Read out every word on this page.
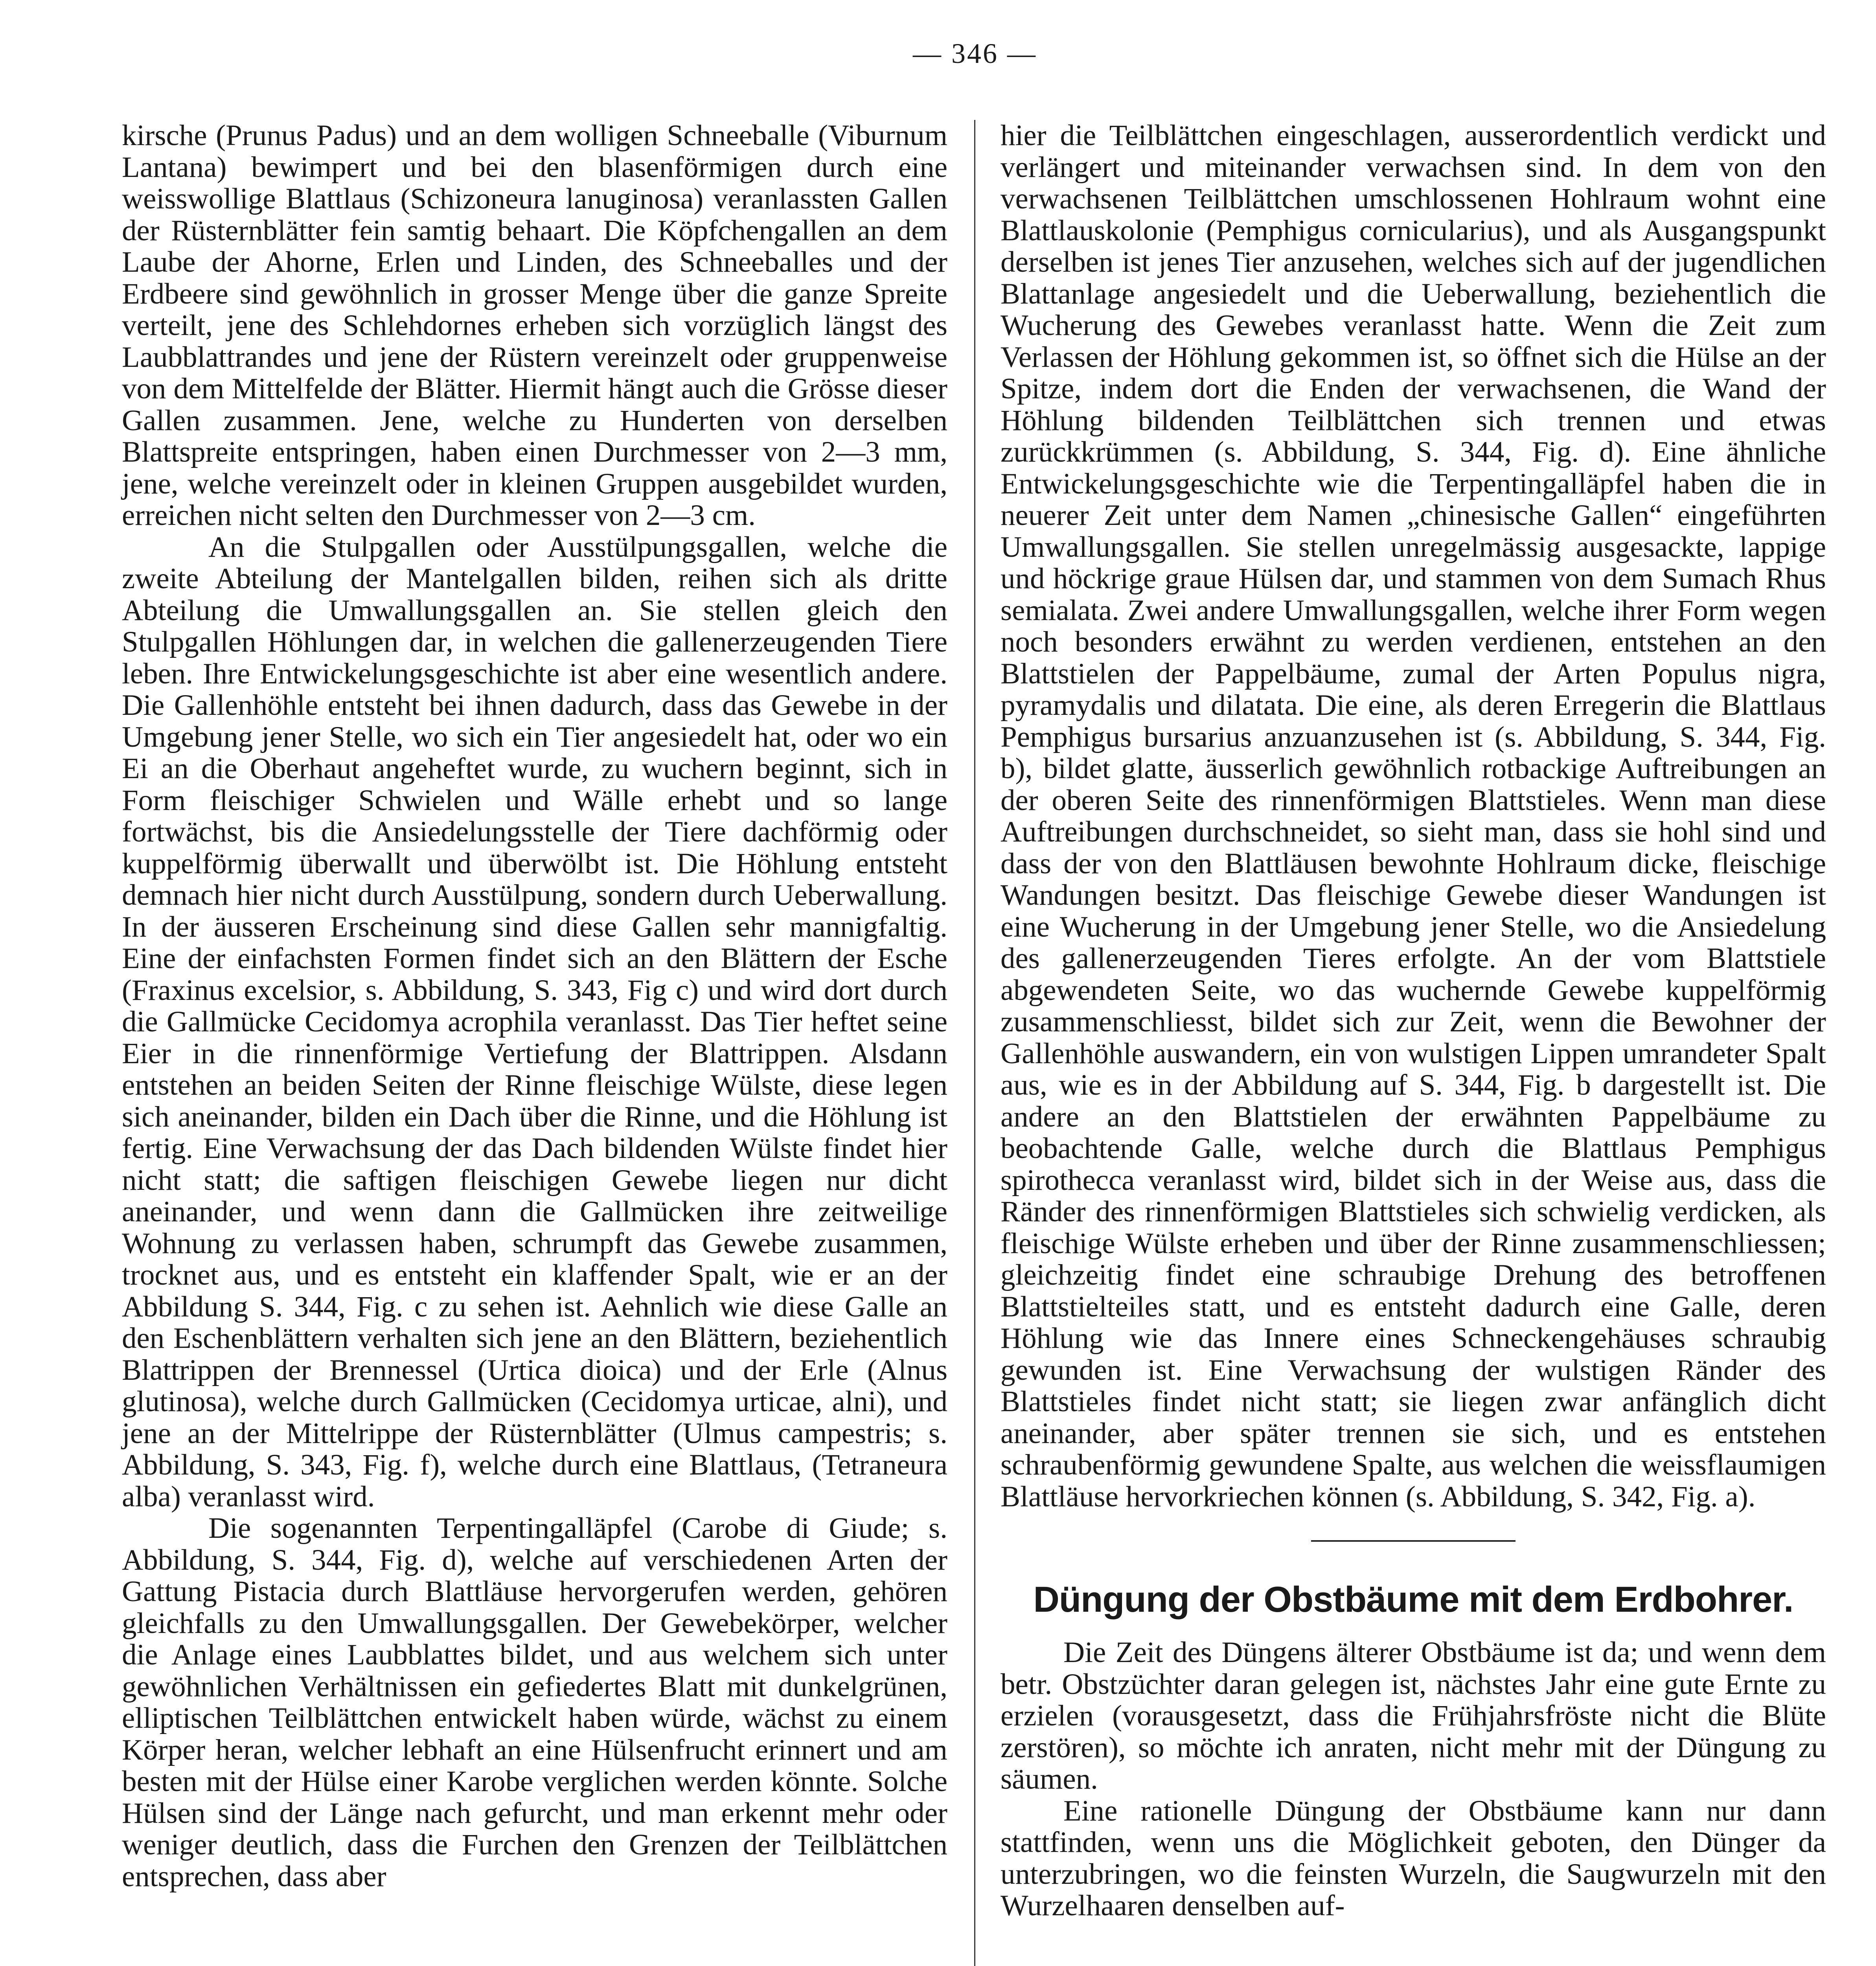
— 346 —

kirsche (Prunus Padus) und an dem wolligen Schneeballe (Viburnum Lantana) bewimpert und bei den blasenförmigen durch eine weisswollige Blattlaus (Schizoneura lanuginosa) veranlassten Gallen der Rüsternblätter fein samtig behaart. Die Köpfchengallen an dem Laube der Ahorne, Erlen und Linden, des Schneeballes und der Erdbeere sind gewöhnlich in grosser Menge über die ganze Spreite verteilt, jene des Schlehdornes erheben sich vorzüglich längst des Laubblattrandes und jene der Rüstern vereinzelt oder gruppenweise von dem Mittelfelde der Blätter. Hiermit hängt auch die Grösse dieser Gallen zusammen. Jene, welche zu Hunderten von derselben Blattspreite entspringen, haben einen Durchmesser von 2—3 mm, jene, welche vereinzelt oder in kleinen Gruppen ausgebildet wurden, erreichen nicht selten den Durchmesser von 2—3 cm.

An die Stulpgallen oder Ausstülpungsgallen, welche die zweite Abteilung der Mantelgallen bilden, reihen sich als dritte Abteilung die Umwallungsgallen an. Sie stellen gleich den Stulpgallen Höhlungen dar, in welchen die gallenerzeugenden Tiere leben. Ihre Entwickelungsgeschichte ist aber eine wesentlich andere. Die Gallenhöhle entsteht bei ihnen dadurch, dass das Gewebe in der Umgebung jener Stelle, wo sich ein Tier angesiedelt hat, oder wo ein Ei an die Oberhaut angeheftet wurde, zu wuchern beginnt, sich in Form fleischiger Schwielen und Wälle erhebt und so lange fortwächst, bis die Ansiedelungsstelle der Tiere dachförmig oder kuppelförmig überwallt und überwölbt ist. Die Höhlung entsteht demnach hier nicht durch Ausstülpung, sondern durch Ueberwallung. In der äusseren Erscheinung sind diese Gallen sehr mannigfaltig. Eine der einfachsten Formen findet sich an den Blättern der Esche (Fraxinus excelsior, s. Abbildung, S. 343, Fig c) und wird dort durch die Gallmücke Cecidomya acrophila veranlasst. Das Tier heftet seine Eier in die rinnenförmige Vertiefung der Blattrippen. Alsdann entstehen an beiden Seiten der Rinne fleischige Wülste, diese legen sich aneinander, bilden ein Dach über die Rinne, und die Höhlung ist fertig. Eine Verwachsung der das Dach bildenden Wülste findet hier nicht statt; die saftigen fleischigen Gewebe liegen nur dicht aneinander, und wenn dann die Gallmücken ihre zeitweilige Wohnung zu verlassen haben, schrumpft das Gewebe zusammen, trocknet aus, und es entsteht ein klaffender Spalt, wie er an der Abbildung S. 344, Fig. c zu sehen ist. Aehnlich wie diese Galle an den Eschenblättern verhalten sich jene an den Blättern, beziehentlich Blattrippen der Brennessel (Urtica dioica) und der Erle (Alnus glutinosa), welche durch Gallmücken (Cecidomya urticae, alni), und jene an der Mittelrippe der Rüsternblätter (Ulmus campestris; s. Abbildung, S. 343, Fig. f), welche durch eine Blattlaus, (Tetraneura alba) veranlasst wird.

Die sogenannten Terpentingalläpfel (Carobe di Giude; s. Abbildung, S. 344, Fig. d), welche auf verschiedenen Arten der Gattung Pistacia durch Blattläuse hervorgerufen werden, gehören gleichfalls zu den Umwallungsgallen. Der Gewebekörper, welcher die Anlage eines Laubblattes bildet, und aus welchem sich unter gewöhnlichen Verhältnissen ein gefiedertes Blatt mit dunkelgrünen, elliptischen Teilblättchen entwickelt haben würde, wächst zu einem Körper heran, welcher lebhaft an eine Hülsenfrucht erinnert und am besten mit der Hülse einer Karobe verglichen werden könnte. Solche Hülsen sind der Länge nach gefurcht, und man erkennt mehr oder weniger deutlich, dass die Furchen den Grenzen der Teilblättchen entsprechen, dass aber

hier die Teilblättchen eingeschlagen, ausserordentlich verdickt und verlängert und miteinander verwachsen sind. In dem von den verwachsenen Teilblättchen umschlossenen Hohlraum wohnt eine Blattlauskolonie (Pemphigus cornicularius), und als Ausgangspunkt derselben ist jenes Tier anzusehen, welches sich auf der jugendlichen Blattanlage angesiedelt und die Ueberwallung, beziehentlich die Wucherung des Gewebes veranlasst hatte. Wenn die Zeit zum Verlassen der Höhlung gekommen ist, so öffnet sich die Hülse an der Spitze, indem dort die Enden der verwachsenen, die Wand der Höhlung bildenden Teilblättchen sich trennen und etwas zurückkrümmen (s. Abbildung, S. 344, Fig. d). Eine ähnliche Entwickelungsgeschichte wie die Terpentingalläpfel haben die in neuerer Zeit unter dem Namen „chinesische Gallen“ eingeführten Umwallungsgallen. Sie stellen unregelmässig ausgesackte, lappige und höckrige graue Hülsen dar, und stammen von dem Sumach Rhus semialata. Zwei andere Umwallungsgallen, welche ihrer Form wegen noch besonders erwähnt zu werden verdienen, entstehen an den Blattstielen der Pappelbäume, zumal der Arten Populus nigra, pyramydalis und dilatata. Die eine, als deren Erregerin die Blattlaus Pemphigus bursarius anzuanzusehen ist (s. Abbildung, S. 344, Fig. b), bildet glatte, äusserlich gewöhnlich rotbackige Auftreibungen an der oberen Seite des rinnenförmigen Blattstieles. Wenn man diese Auftreibungen durchschneidet, so sieht man, dass sie hohl sind und dass der von den Blattläusen bewohnte Hohlraum dicke, fleischige Wandungen besitzt. Das fleischige Gewebe dieser Wandungen ist eine Wucherung in der Umgebung jener Stelle, wo die Ansiedelung des gallenerzeugenden Tieres erfolgte. An der vom Blattstiele abgewendeten Seite, wo das wuchernde Gewebe kuppelförmig zusammenschliesst, bildet sich zur Zeit, wenn die Bewohner der Gallenhöhle auswandern, ein von wulstigen Lippen umrandeter Spalt aus, wie es in der Abbildung auf S. 344, Fig. b dargestellt ist. Die andere an den Blattstielen der erwähnten Pappelbäume zu beobachtende Galle, welche durch die Blattlaus Pemphigus spirothecca veranlasst wird, bildet sich in der Weise aus, dass die Ränder des rinnenförmigen Blattstieles sich schwielig verdicken, als fleischige Wülste erheben und über der Rinne zusammenschliessen; gleichzeitig findet eine schraubige Drehung des betroffenen Blattstielteiles statt, und es entsteht dadurch eine Galle, deren Höhlung wie das Innere eines Schneckengehäuses schraubig gewunden ist. Eine Verwachsung der wulstigen Ränder des Blattstieles findet nicht statt; sie liegen zwar anfänglich dicht aneinander, aber später trennen sie sich, und es entstehen schraubenförmig gewundene Spalte, aus welchen die weissflaumigen Blattläuse hervorkriechen können (s. Abbildung, S. 342, Fig. a).

Düngung der Obstbäume mit dem Erdbohrer.

Die Zeit des Düngens älterer Obstbäume ist da; und wenn dem betr. Obstzüchter daran gelegen ist, nächstes Jahr eine gute Ernte zu erzielen (vorausgesetzt, dass die Frühjahrsfröste nicht die Blüte zerstören), so möchte ich anraten, nicht mehr mit der Düngung zu säumen.

Eine rationelle Düngung der Obstbäume kann nur dann stattfinden, wenn uns die Möglichkeit geboten, den Dünger da unterzubringen, wo die feinsten Wurzeln, die Saugwurzeln mit den Wurzelhaaren denselben auf-
